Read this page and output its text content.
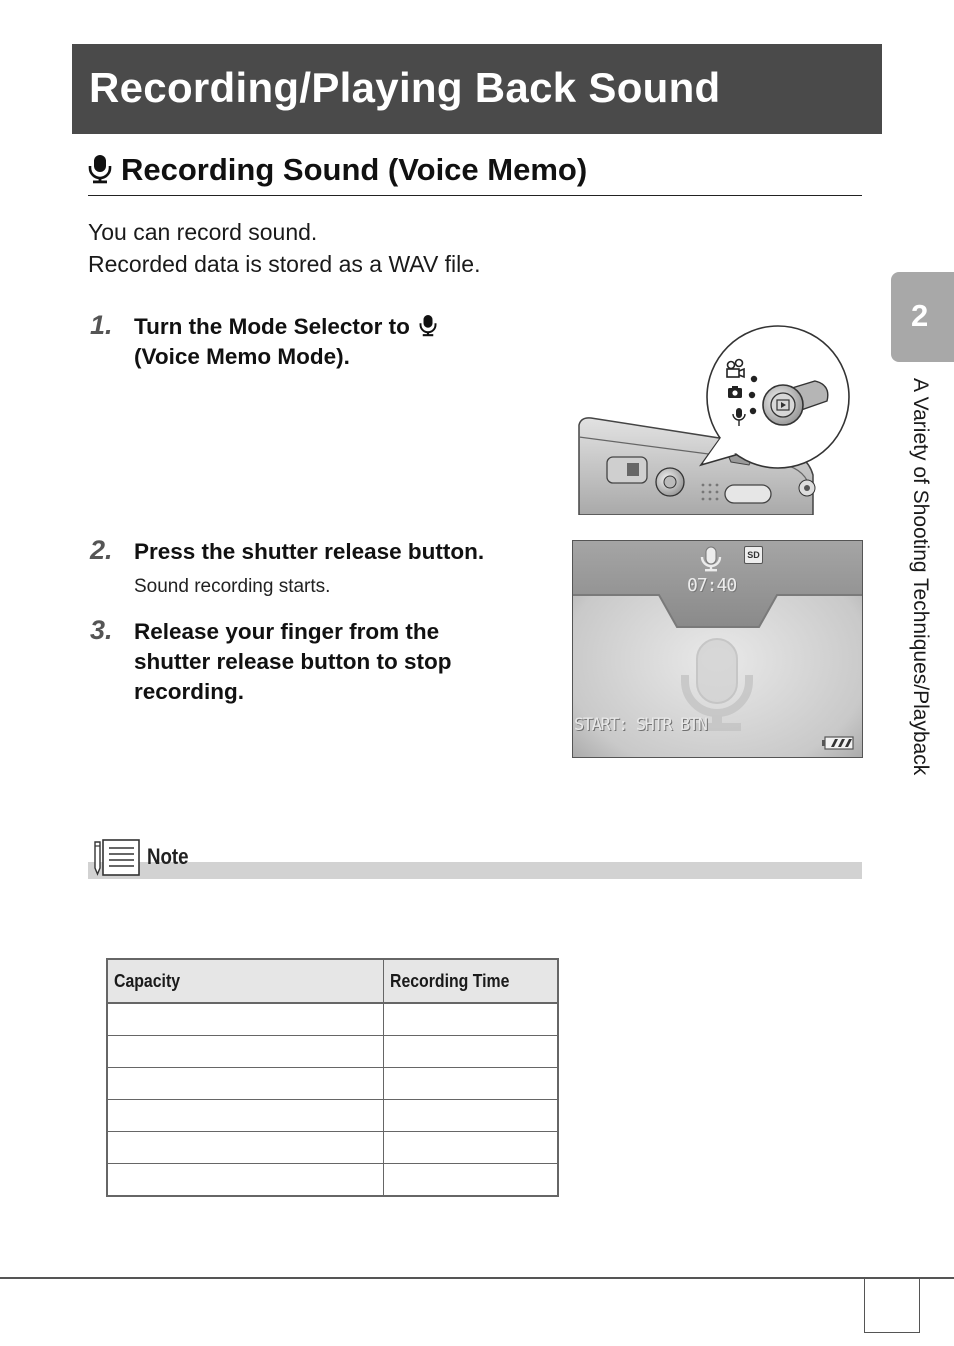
Recording/Playing Back Sound
Recording Sound (Voice Memo)

You can record sound.

Recorded data is stored as a WAV file.

1. Turn the Mode Selector to
(Voice Memo Mode).
2. Press the shutter release button.
Sound recording starts.
3. Release your finger from the
shutter release button to stop
recording.
SD
07:40
START: SHTR BTN
2
A Variety of Shooting Techniques/Playback
Note
Capacity	Recording Time
